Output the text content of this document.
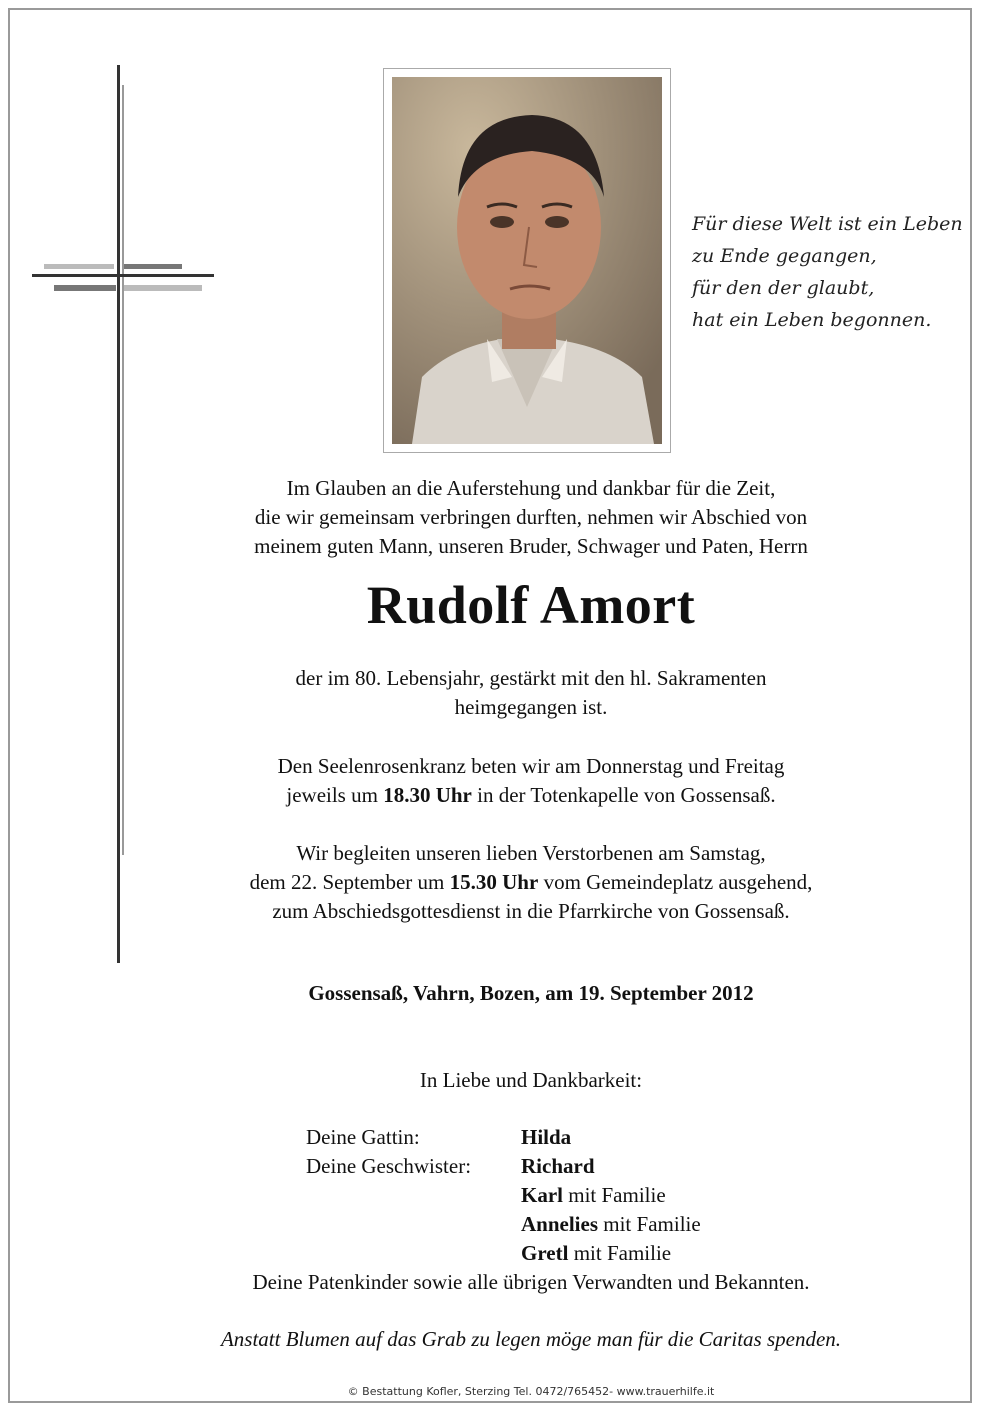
Für diese Welt ist ein Leben
zu Ende gegangen,
für den der glaubt,
hat ein Leben begonnen.
Im Glauben an die Auferstehung und dankbar für die Zeit,
die wir gemeinsam verbringen durften, nehmen wir Abschied von
meinem guten Mann, unseren Bruder, Schwager und Paten, Herrn
Rudolf Amort
der im 80. Lebensjahr, gestärkt mit den hl. Sakramenten
heimgegangen ist.
Den Seelenrosenkranz beten wir am Donnerstag und Freitag
jeweils um 18.30 Uhr in der Totenkapelle von Gossensaß.
Wir begleiten unseren lieben Verstorbenen am Samstag,
dem 22. September um 15.30 Uhr vom Gemeindeplatz ausgehend,
zum Abschiedsgottesdienst in die Pfarrkirche von Gossensaß.
Gossensaß, Vahrn, Bozen, am 19. September 2012
In Liebe und Dankbarkeit:
Deine Gattin:	Hilda
Deine Geschwister: Richard
Karl mit Familie
Annelies mit Familie
Gretl mit Familie
Deine Patenkinder sowie alle übrigen Verwandten und Bekannten.
Anstatt Blumen auf das Grab zu legen möge man für die Caritas spenden.
© Bestattung Kofler, Sterzing Tel. 0472/765452- www.trauerhilfe.it
